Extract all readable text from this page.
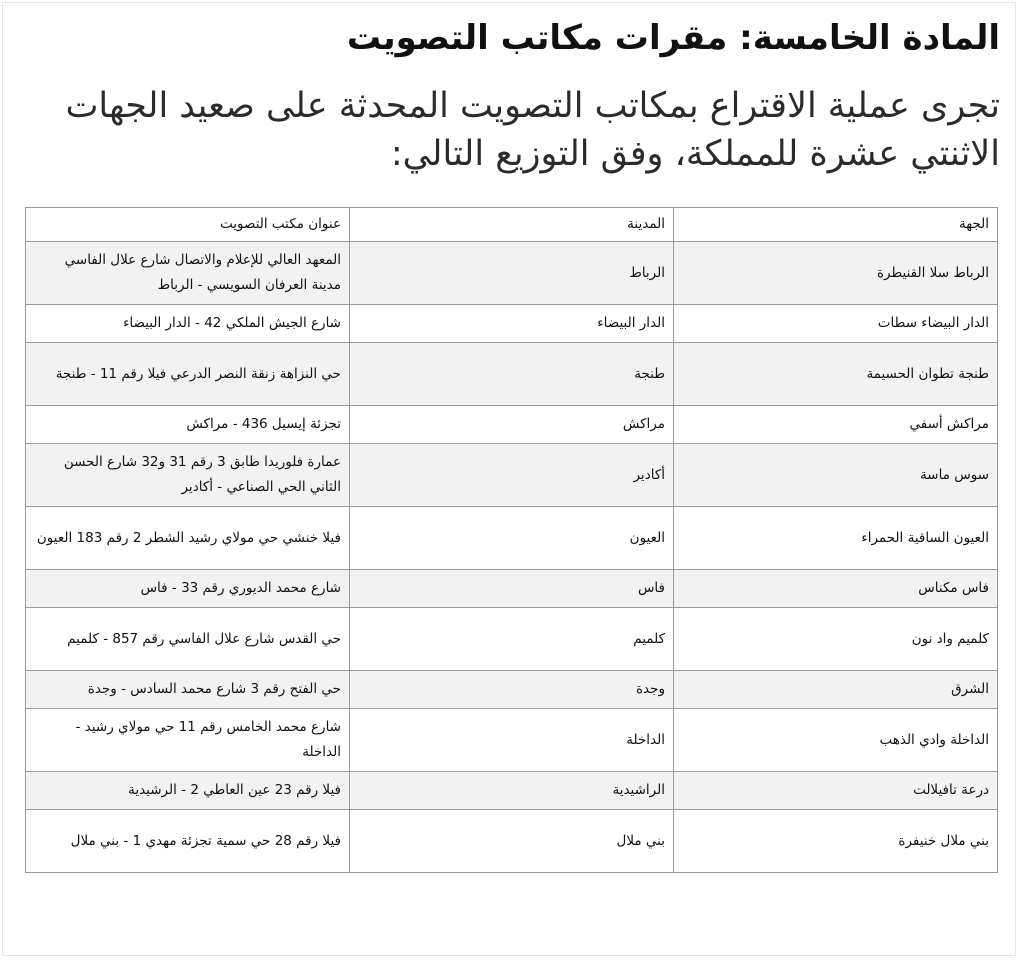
المادة الخامسة: مقرات مكاتب التصويت

تجرى عملية الاقتراع بمكاتب التصويت المحدثة على صعيد الجهات الاثنتي عشرة للمملكة، وفق التوزيع التالي:

الجهة	المدينة	عنوان مكتب التصويت
الرباط سلا القنيطرة	الرباط	المعهد العالي للإعلام والاتصال شارع علال الفاسي مدينة العرفان السويسي - الرباط
الدار البيضاء سطات	الدار البيضاء	شارع الجيش الملكي 42 - الدار البيضاء
طنجة تطوان الحسيمة	طنجة	حي النزاهة زنقة النصر الدرعي فيلا رقم 11 - طنجة
مراكش أسفي	مراكش	تجزئة إيسيل 436 - مراكش
سوس ماسة	أكادير	عمارة فلوريدا طابق 3 رقم 31 و32 شارع الحسن الثاني الحي الصناعي - أكادير
العيون الساقية الحمراء	العيون	فيلا خنشي حي مولاي رشيد الشطر 2 رقم 183 العيون
فاس مكناس	فاس	شارع محمد الديوري رقم 33 - فاس
كلميم واد نون	كلميم	حي القدس شارع علال الفاسي رقم 857 - كلميم
الشرق	وجدة	حي الفتح رقم 3 شارع محمد السادس - وجدة
الداخلة وادي الذهب	الداخلة	شارع محمد الخامس رقم 11 حي مولاي رشيد - الداخلة
درعة تافيلالت	الراشيدية	فيلا رقم 23 عين العاطي 2 - الرشيدية
بني ملال خنيفرة	بني ملال	فيلا رقم 28 حي سمية تجزئة مهدي 1 - بني ملال
